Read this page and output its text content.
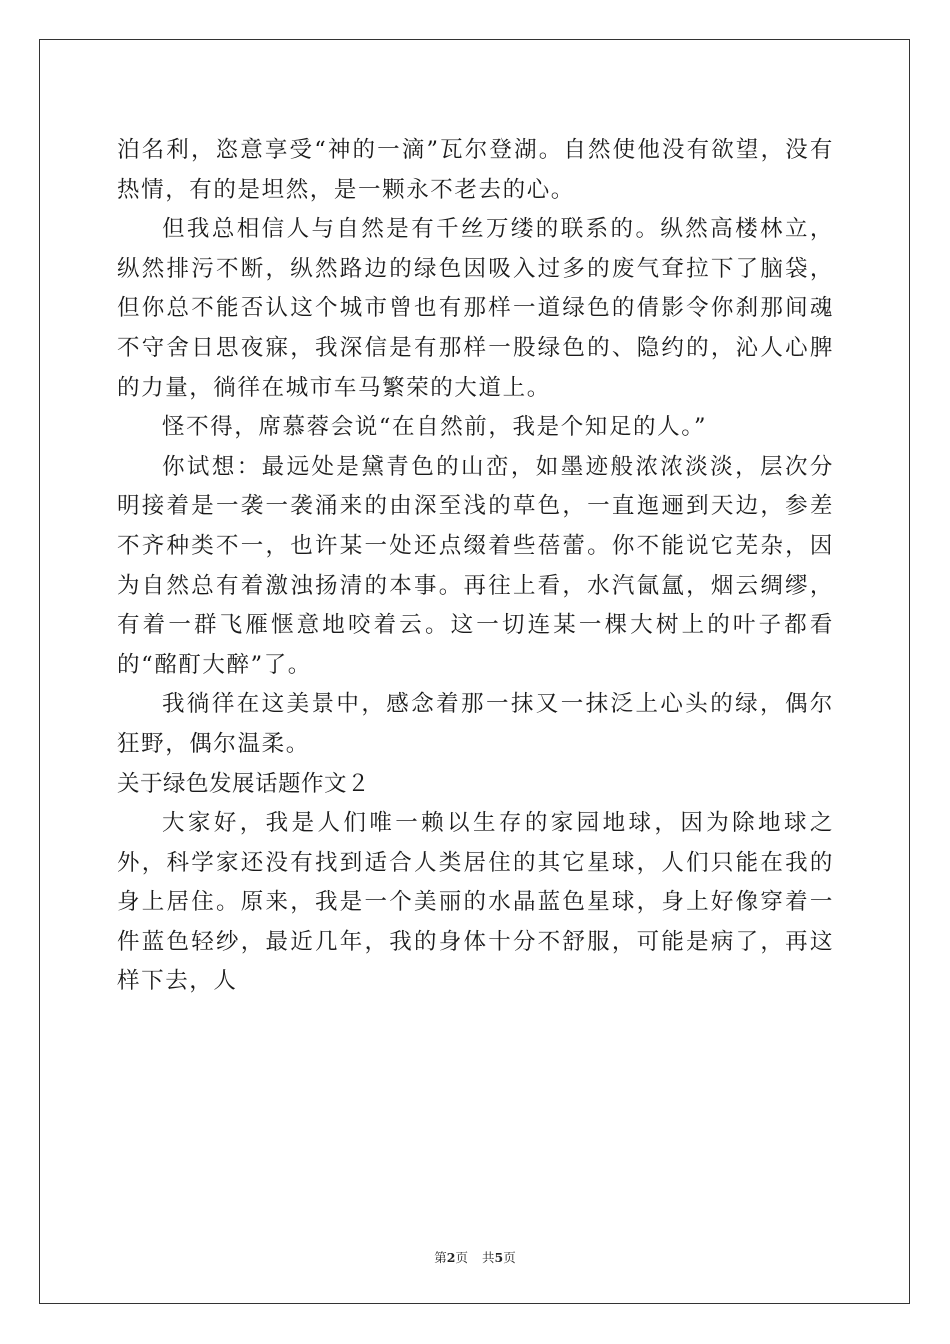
泊名利，恣意享受“神的一滴”瓦尔登湖。自然使他没有欲望，没有热情，有的是坦然，是一颗永不老去的心。

但我总相信人与自然是有千丝万缕的联系的。纵然高楼林立，纵然排污不断，纵然路边的绿色因吸入过多的废气耷拉下了脑袋，但你总不能否认这个城市曾也有那样一道绿色的倩影令你刹那间魂不守舍日思夜寐，我深信是有那样一股绿色的、隐约的，沁人心脾的力量，徜徉在城市车马繁荣的大道上。

怪不得，席慕蓉会说“在自然前，我是个知足的人。”

你试想：最远处是黛青色的山峦，如墨迹般浓浓淡淡，层次分明接着是一袭一袭涌来的由深至浅的草色，一直迤逦到天边，参差不齐种类不一，也许某一处还点缀着些蓓蕾。你不能说它芜杂，因为自然总有着激浊扬清的本事。再往上看，水汽氤氲，烟云绸缪，有着一群飞雁惬意地咬着云。这一切连某一棵大树上的叶子都看的“酩酊大醉”了。

我徜徉在这美景中，感念着那一抹又一抹泛上心头的绿，偶尔狂野，偶尔温柔。

关于绿色发展话题作文２

大家好，我是人们唯一赖以生存的家园地球，因为除地球之外，科学家还没有找到适合人类居住的其它星球，人们只能在我的身上居住。原来，我是一个美丽的水晶蓝色星球，身上好像穿着一件蓝色轻纱，最近几年，我的身体十分不舒服，可能是病了，再这样下去，人

第2页 共5页
